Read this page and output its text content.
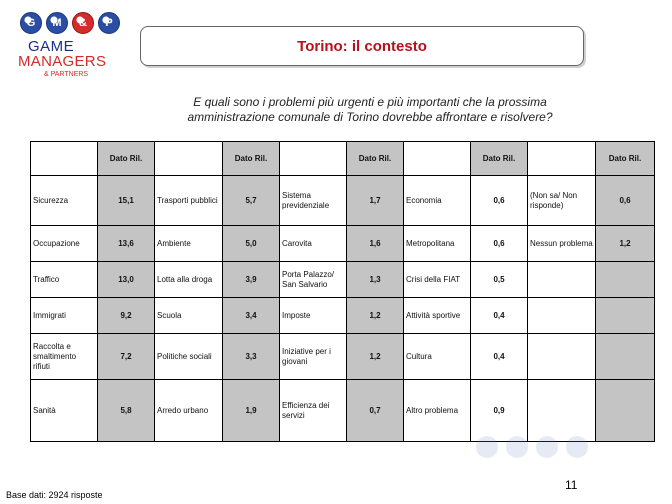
G	M	&	P
GAME
MANAGERS
& PARTNERS
Torino: il contesto
E quali sono i problemi più urgenti e più importanti che la prossima
amministrazione comunale di Torino dovrebbe affrontare e risolvere?
	Dato Ril.		Dato Ril.		Dato Ril.		Dato Ril.		Dato Ril.
Sicurezza	15,1	Trasporti pubblici	5,7	Sistema previdenziale	1,7	Economia	0,6	(Non sa/ Non risponde)	0,6
Occupazione	13,6	Ambiente	5,0	Carovita	1,6	Metropolitana	0,6	Nessun problema	1,2
Traffico	13,0	Lotta alla droga	3,9	Porta Palazzo/ San Salvario	1,3	Crisi della FIAT	0,5		
Immigrati	9,2	Scuola	3,4	Imposte	1,2	Attività sportive	0,4		
Raccolta e smaltimento rifiuti	7,2	Politiche sociali	3,3	Iniziative per i giovani	1,2	Cultura	0,4		
Sanità	5,8	Arredo urbano	1,9	Efficienza dei servizi	0,7	Altro problema	0,9		
11
Base dati: 2924 risposte
